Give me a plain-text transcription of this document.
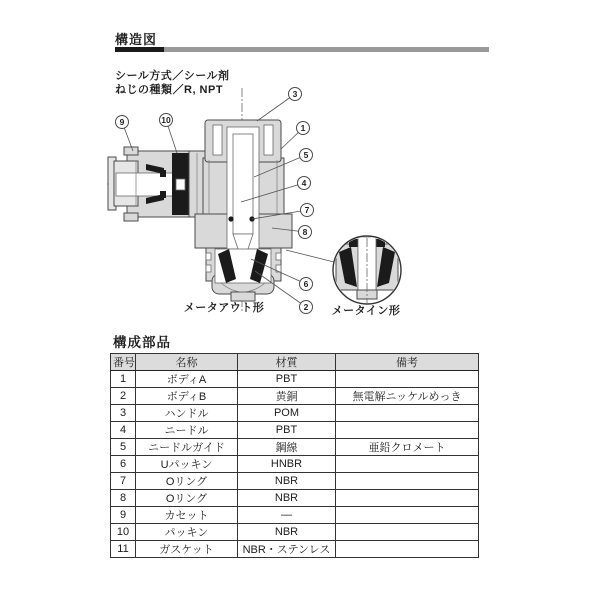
構造図
シール方式／シール剤
ねじの種類／R, NPT
9	10
3
1
5
4
7
8
6
2
メータアウト形	メータイン形
構成部品
番号	名称	材質	備考
1	ボディA	PBT	
2	ボディB	黄銅	無電解ニッケルめっき
3	ハンドル	POM	
4	ニードル	PBT	
5	ニードルガイド	鋼線	亜鉛クロメート
6	Uパッキン	HNBR	
7	Oリング	NBR	
8	Oリング	NBR	
9	カセット	—	
10	パッキン	NBR	
11	ガスケット	NBR・ステンレス	
